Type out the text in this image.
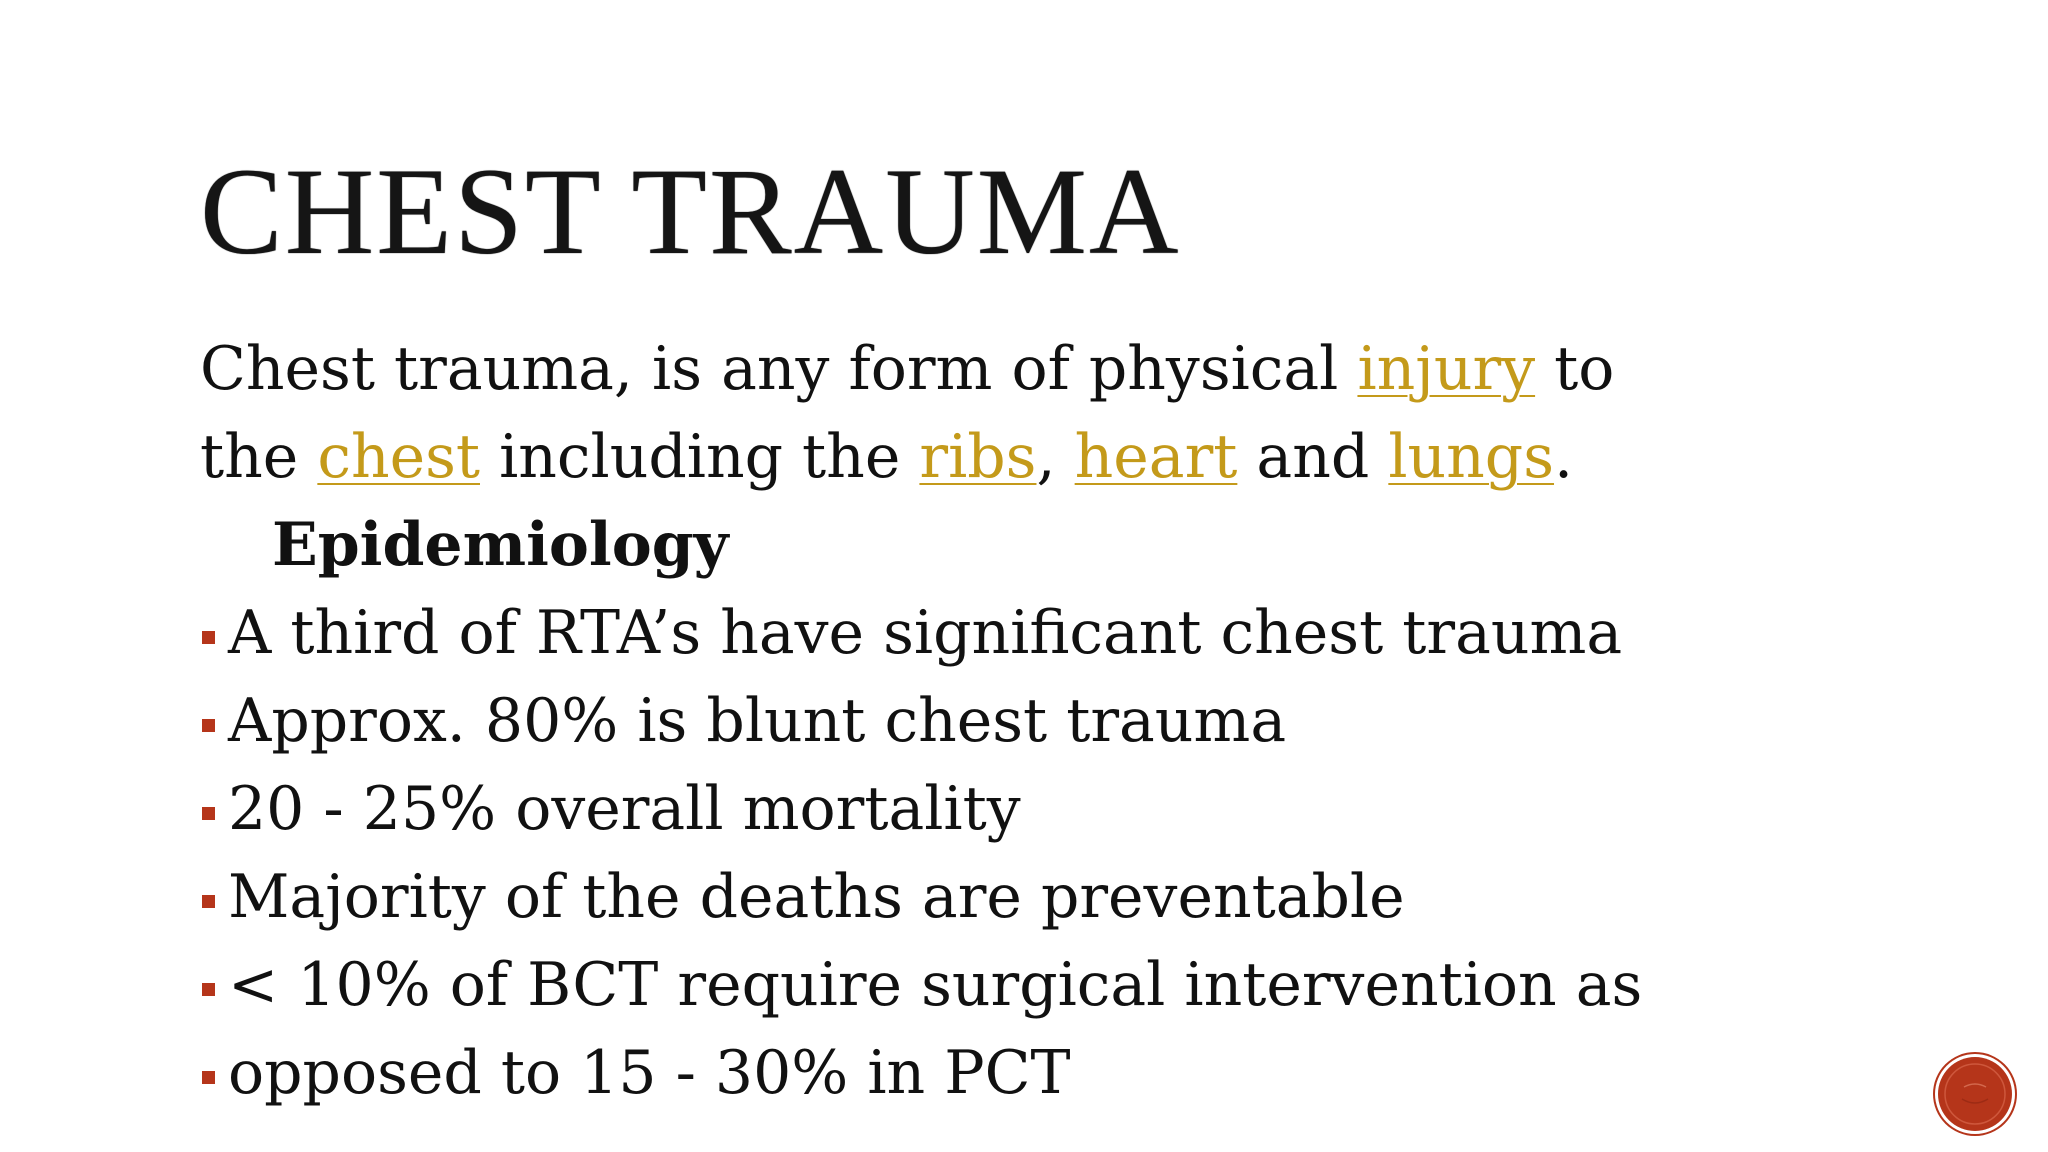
CHEST TRAUMA

Chest trauma, is any form of physical injury to the chest including the ribs, heart and lungs.

Epidemiology

A third of RTA’s have significant chest trauma
Approx. 80% is blunt chest trauma
20 - 25% overall mortality
Majority of the deaths are preventable
< 10% of BCT require surgical intervention as
opposed to 15 - 30% in PCT
